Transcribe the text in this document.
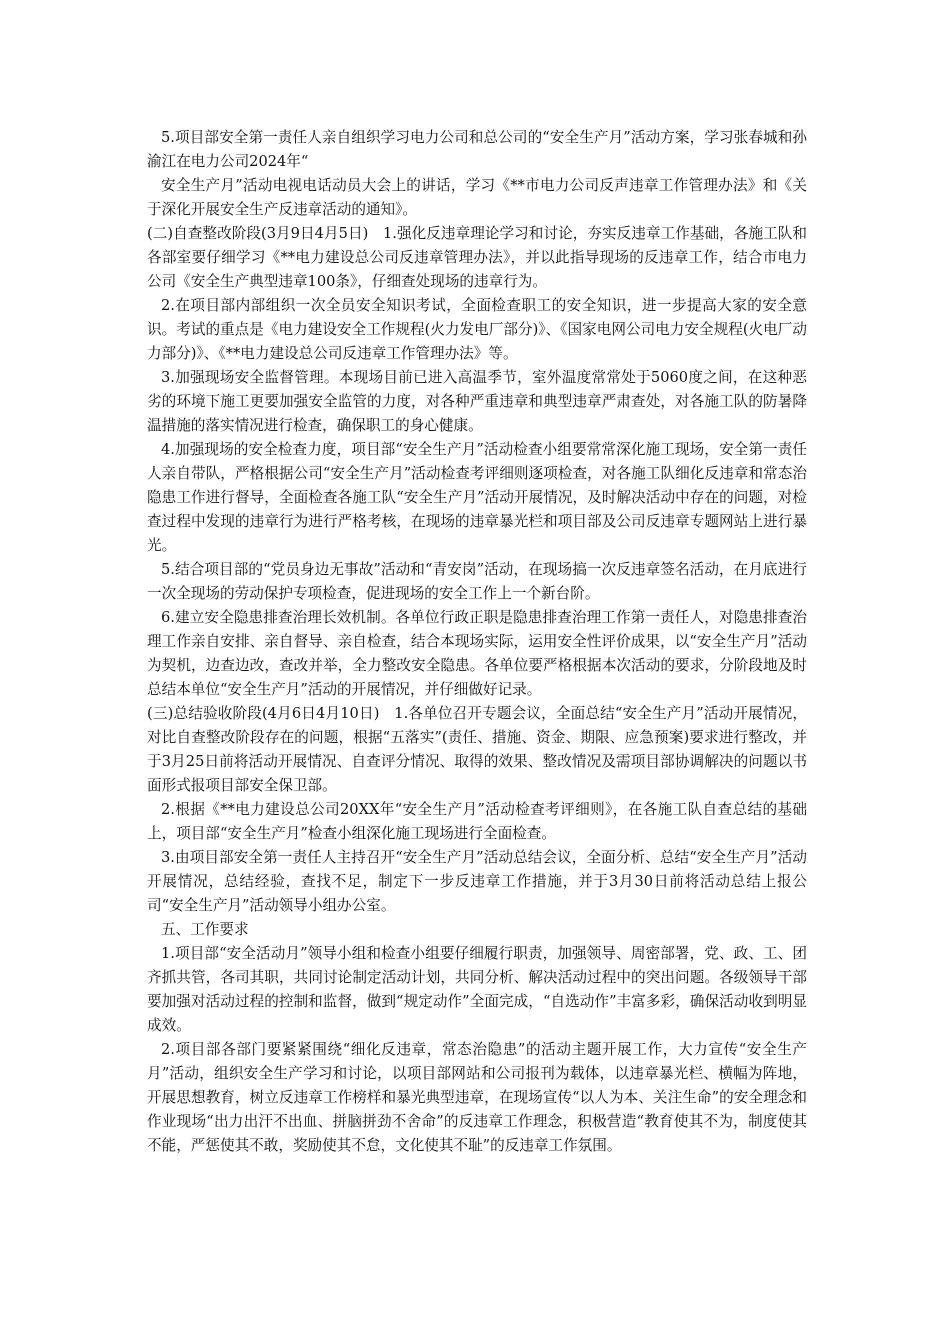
5.项目部安全第一责任人亲自组织学习电力公司和总公司的“安全生产月”活动方案，学习张春城和孙渝江在电力公司2024年“

安全生产月”活动电视电话动员大会上的讲话，学习《**市电力公司反声违章工作管理办法》和《关于深化开展安全生产反违章活动的通知》。

(二)自查整改阶段(3月9日4月5日)　1.强化反违章理论学习和讨论，夯实反违章工作基础，各施工队和各部室要仔细学习《**电力建设总公司反违章管理办法》，并以此指导现场的反违章工作，结合市电力公司《安全生产典型违章100条》，仔细查处现场的违章行为。

2.在项目部内部组织一次全员安全知识考试，全面检查职工的安全知识，进一步提高大家的安全意识。考试的重点是《电力建设安全工作规程(火力发电厂部分)》、《国家电网公司电力安全规程(火电厂动力部分)》、《**电力建设总公司反违章工作管理办法》等。

3.加强现场安全监督管理。本现场目前已进入高温季节，室外温度常常处于5060度之间，在这种恶劣的环境下施工更要加强安全监管的力度，对各种严重违章和典型违章严肃查处，对各施工队的防暑降温措施的落实情况进行检查，确保职工的身心健康。

4.加强现场的安全检查力度，项目部“安全生产月”活动检查小组要常常深化施工现场，安全第一责任人亲自带队，严格根据公司“安全生产月”活动检查考评细则逐项检查，对各施工队细化反违章和常态治隐患工作进行督导，全面检查各施工队“安全生产月”活动开展情况，及时解决活动中存在的问题，对检查过程中发现的违章行为进行严格考核，在现场的违章暴光栏和项目部及公司反违章专题网站上进行暴光。

5.结合项目部的“党员身边无事故”活动和“青安岗”活动，在现场搞一次反违章签名活动，在月底进行一次全现场的劳动保护专项检查，促进现场的安全工作上一个新台阶。

6.建立安全隐患排查治理长效机制。各单位行政正职是隐患排查治理工作第一责任人，对隐患排查治理工作亲自安排、亲自督导、亲自检查，结合本现场实际，运用安全性评价成果，以“安全生产月”活动为契机，边查边改，查改并举，全力整改安全隐患。各单位要严格根据本次活动的要求，分阶段地及时总结本单位“安全生产月”活动的开展情况，并仔细做好记录。

(三)总结验收阶段(4月6日4月10日)　1.各单位召开专题会议，全面总结“安全生产月”活动开展情况，对比自查整改阶段存在的问题，根据“五落实”(责任、措施、资金、期限、应急预案)要求进行整改，并于3月25日前将活动开展情况、自查评分情况、取得的效果、整改情况及需项目部协调解决的问题以书面形式报项目部安全保卫部。

2.根据《**电力建设总公司20XX年“安全生产月”活动检查考评细则》，在各施工队自查总结的基础上，项目部“安全生产月”检查小组深化施工现场进行全面检查。

3.由项目部安全第一责任人主持召开“安全生产月”活动总结会议，全面分析、总结“安全生产月”活动开展情况，总结经验，查找不足，制定下一步反违章工作措施，并于3月30日前将活动总结上报公司“安全生产月”活动领导小组办公室。

五、工作要求

1.项目部“安全活动月”领导小组和检查小组要仔细履行职责，加强领导、周密部署，党、政、工、团齐抓共管，各司其职，共同讨论制定活动计划，共同分析、解决活动过程中的突出问题。各级领导干部要加强对活动过程的控制和监督，做到“规定动作”全面完成，“自选动作”丰富多彩，确保活动收到明显成效。

2.项目部各部门要紧紧围绕“细化反违章，常态治隐患”的活动主题开展工作，大力宣传“安全生产月”活动，组织安全生产学习和讨论，以项目部网站和公司报刊为载体，以违章暴光栏、横幅为阵地，开展思想教育，树立反违章工作榜样和暴光典型违章，在现场宣传“以人为本、关注生命”的安全理念和作业现场“出力出汗不出血、拼脑拼劲不舍命”的反违章工作理念，积极营造“教育使其不为，制度使其不能，严惩使其不敢，奖励使其不怠，文化使其不耻”的反违章工作氛围。
